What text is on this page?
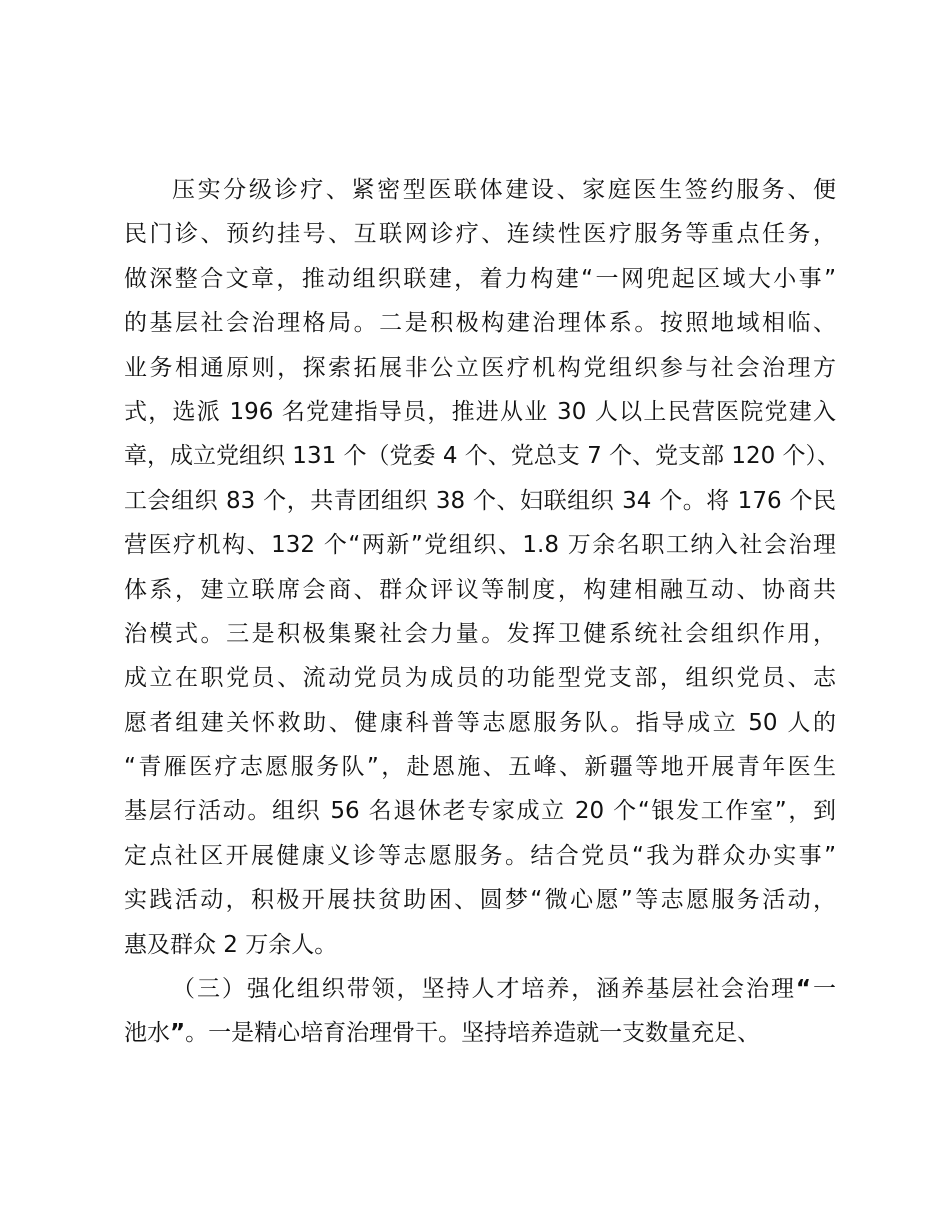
压实分级诊疗、紧密型医联体建设、家庭医生签约服务、便
民门诊、预约挂号、互联网诊疗、连续性医疗服务等重点任务，
做深整合文章，推动组织联建，着力构建“一网兜起区域大小事”
的基层社会治理格局。二是积极构建治理体系。按照地域相临、
业务相通原则，探索拓展非公立医疗机构党组织参与社会治理方
式，选派 196 名党建指导员，推进从业 30 人以上民营医院党建入
章，成立党组织 131 个（党委 4 个、党总支 7 个、党支部 120 个）、
工会组织 83 个，共青团组织 38 个、妇联组织 34 个。将 176 个民
营医疗机构、132 个“两新”党组织、1.8 万余名职工纳入社会治理
体系，建立联席会商、群众评议等制度，构建相融互动、协商共
治模式。三是积极集聚社会力量。发挥卫健系统社会组织作用，
成立在职党员、流动党员为成员的功能型党支部，组织党员、志
愿者组建关怀救助、健康科普等志愿服务队。指导成立 50 人的
“青雁医疗志愿服务队”，赴恩施、五峰、新疆等地开展青年医生
基层行活动。组织 56 名退休老专家成立 20 个“银发工作室”，到
定点社区开展健康义诊等志愿服务。结合党员“我为群众办实事”
实践活动，积极开展扶贫助困、圆梦“微心愿”等志愿服务活动，
惠及群众 2 万余人。
（三）强化组织带领，坚持人才培养，涵养基层社会治理“一
池水”。一是精心培育治理骨干。坚持培养造就一支数量充足、
